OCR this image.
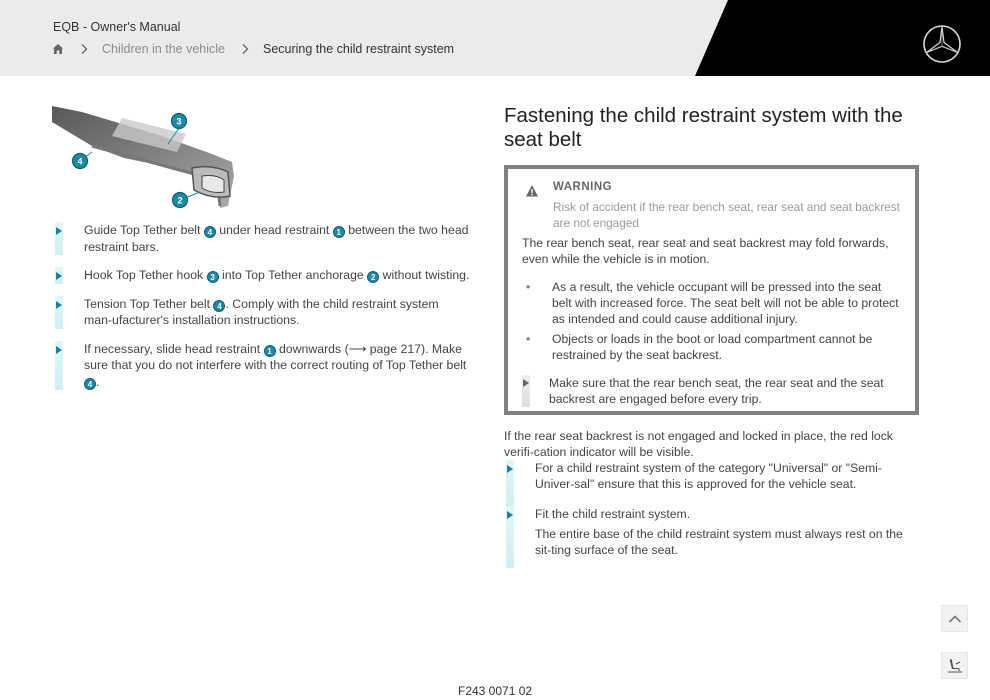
EQB - Owner's Manual
Children in the vehicle	Securing the child restraint system
3
4
2
Guide Top Tether belt 4 under head restraint 1 between the two head restraint bars.
Hook Top Tether hook 3 into Top Tether anchorage 2 without twisting.
Tension Top Tether belt 4 . Comply with the child restraint system man-ufacturer's installation instructions.
If necessary, slide head restraint 1 downwards (⟶ page 217). Make sure that you do not interfere with the correct routing of Top Tether belt 4 .
Fastening the child restraint system with the seat belt
WARNING
Risk of accident if the rear bench seat, rear seat and seat backrest are not engaged
The rear bench seat, rear seat and seat backrest may fold forwards, even while the vehicle is in motion.
•	As a result, the vehicle occupant will be pressed into the seat belt with increased force. The seat belt will not be able to protect as intended and could cause additional injury.
•	Objects or loads in the boot or load compartment cannot be restrained by the seat backrest.
Make sure that the rear bench seat, the rear seat and the seat backrest are engaged before every trip.
If the rear seat backrest is not engaged and locked in place, the red lock verifi-cation indicator will be visible.
For a child restraint system of the category "Universal" or "Semi-Univer-sal" ensure that this is approved for the vehicle seat.
Fit the child restraint system.
The entire base of the child restraint system must always rest on the sit-ting surface of the seat.
F243 0071 02
